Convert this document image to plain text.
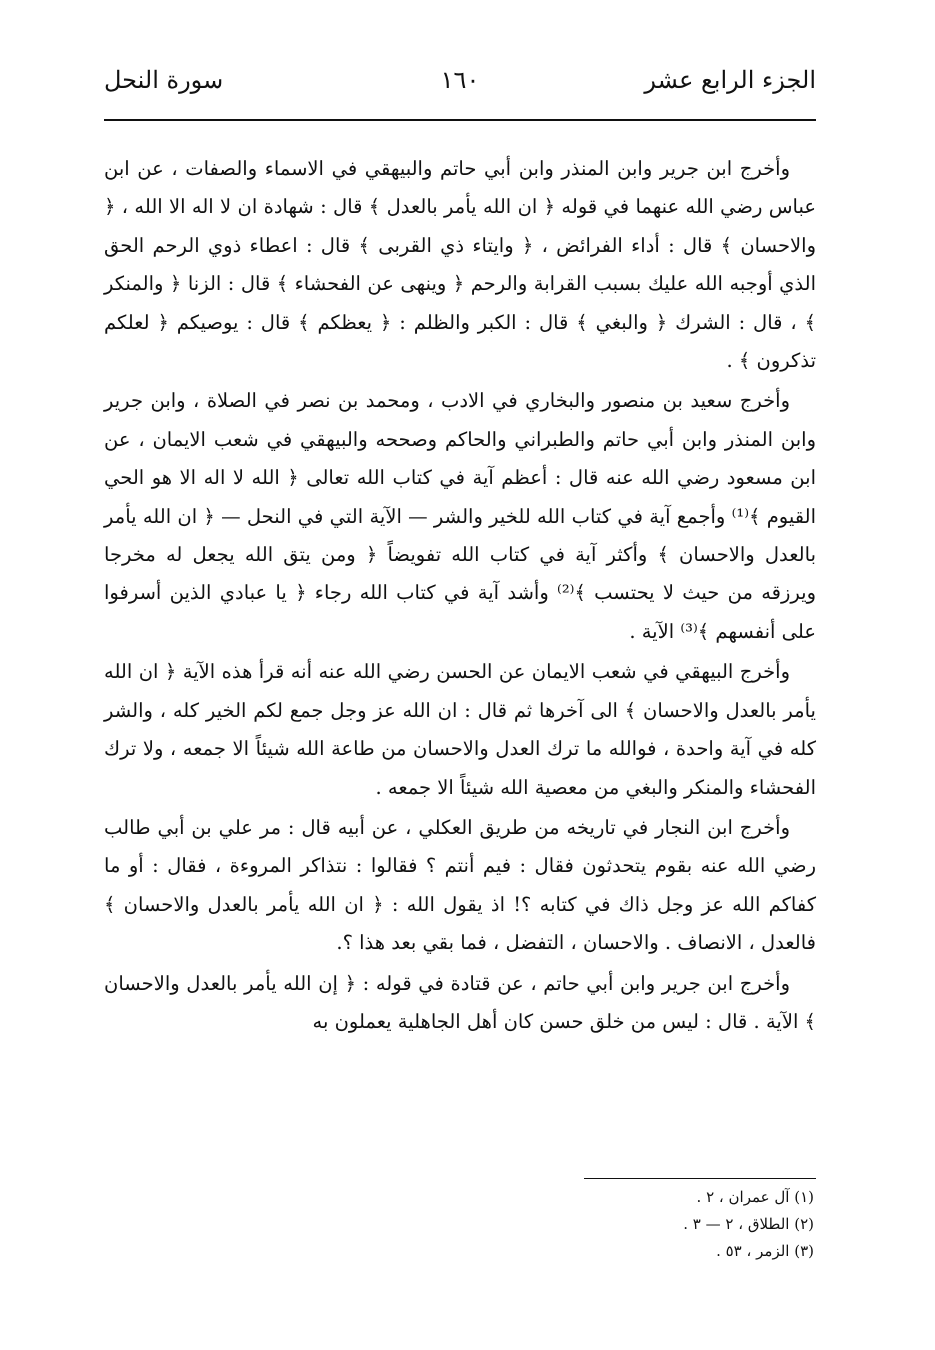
الجزء الرابع عشر
١٦٠
سورة النحل

وأخرج ابن جرير وابن المنذر وابن أبي حاتم والبيهقي في الاسماء والصفات ، عن ابن عباس رضي الله عنهما في قوله ﴿ ان الله يأمر بالعدل ﴾ قال : شهادة ان لا اله الا الله ، ﴿ والاحسان ﴾ قال : أداء الفرائض ، ﴿ وايتاء ذي القربى ﴾ قال : اعطاء ذوي الرحم الحق الذي أوجبه الله عليك بسبب القرابة والرحم ﴿ وينهى عن الفحشاء ﴾ قال : الزنا ﴿ والمنكر ﴾ ، قال : الشرك ﴿ والبغي ﴾ قال : الكبر والظلم : ﴿ يعظكم ﴾ قال : يوصيكم ﴿ لعلكم تذكرون ﴾ .

وأخرج سعيد بن منصور والبخاري في الادب ، ومحمد بن نصر في الصلاة ، وابن جرير وابن المنذر وابن أبي حاتم والطبراني والحاكم وصححه والبيهقي في شعب الايمان ، عن ابن مسعود رضي الله عنه قال : أعظم آية في كتاب الله تعالى ﴿ الله لا اله الا هو الحي القيوم ﴾⁽¹⁾ وأجمع آية في كتاب الله للخير والشر — الآية التي في النحل — ﴿ ان الله يأمر بالعدل والاحسان ﴾ وأكثر آية في كتاب الله تفويضاً ﴿ ومن يتق الله يجعل له مخرجا ويرزقه من حيث لا يحتسب ﴾⁽²⁾ وأشد آية في كتاب الله رجاء ﴿ يا عبادي الذين أسرفوا على أنفسهم ﴾⁽³⁾ الآية .

وأخرج البيهقي في شعب الايمان عن الحسن رضي الله عنه أنه قرأ هذه الآية ﴿ ان الله يأمر بالعدل والاحسان ﴾ الى آخرها ثم قال : ان الله عز وجل جمع لكم الخير كله ، والشر كله في آية واحدة ، فوالله ما ترك العدل والاحسان من طاعة الله شيئاً الا جمعه ، ولا ترك الفحشاء والمنكر والبغي من معصية الله شيئاً الا جمعه .

وأخرج ابن النجار في تاريخه من طريق العكلي ، عن أبيه قال : مر علي بن أبي طالب رضي الله عنه بقوم يتحدثون فقال : فيم أنتم ؟ فقالوا : نتذاكر المروءة ، فقال : أو ما كفاكم الله عز وجل ذاك في كتابه ؟! اذ يقول الله : ﴿ ان الله يأمر بالعدل والاحسان ﴾ فالعدل ، الانصاف . والاحسان ، التفضل ، فما بقي بعد هذا ؟.

وأخرج ابن جرير وابن أبي حاتم ، عن قتادة في قوله : ﴿ إن الله يأمر بالعدل والاحسان ﴾ الآية . قال : ليس من خلق حسن كان أهل الجاهلية يعملون به

(١) آل عمران ، ٢ .

(٢) الطلاق ، ٢ — ٣ .

(٣) الزمر ، ٥٣ .
